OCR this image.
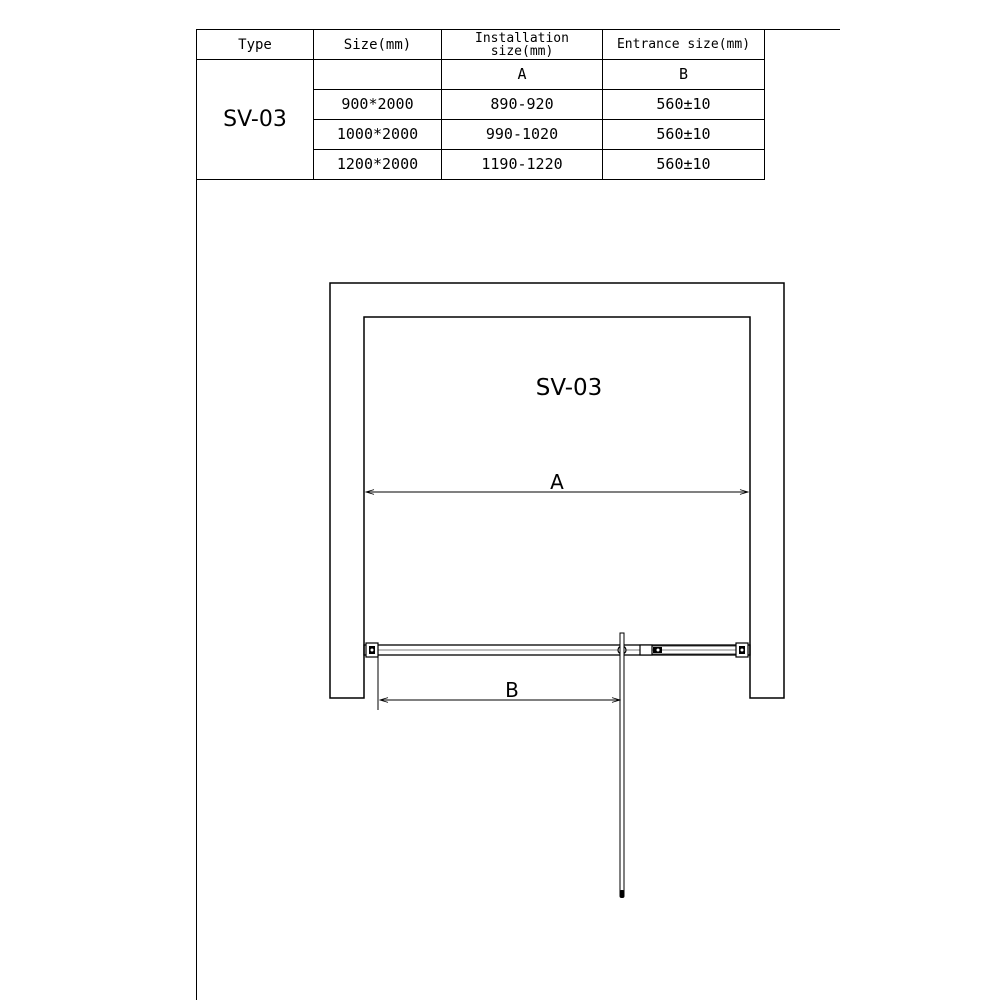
Type	Size(mm)	Installation size(mm)	Entrance size(mm)
SV-03		A	B
	900*2000	890-920	560±10
	1000*2000	990-1020	560±10
	1200*2000	1190-1220	560±10
SV-03
A
B
